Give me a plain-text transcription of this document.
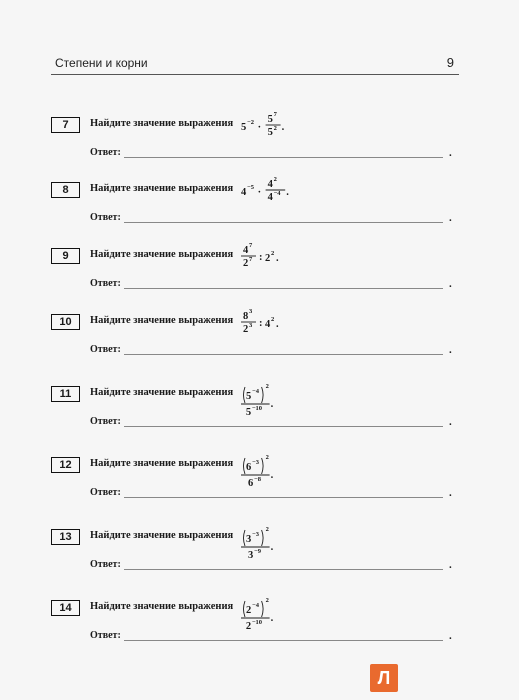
Степени и корни	9
7	Найдите значение выражения 5 −2 ·
5 7
5 2 .
Ответ:	.
8	Найдите значение выражения 4 −5 ·
4 2
4 −4 .
Ответ:	.
9	Найдите значение выражения 4 7
2 7 : 2 2 .
Ответ:	.
10	Найдите значение выражения 8 3
2 3 : 4 2 .
Ответ:	.
11	Найдите значение выражения 5 −4
2
5 −10 .
Ответ:	.
12	Найдите значение выражения 6 −3
2
6 −8 .
Ответ:	.
13	Найдите значение выражения 3 −3
2
3 −9 .
Ответ:	.
14	Найдите значение выражения 2 −4
2
2 −10 .
Ответ:	.
Л
